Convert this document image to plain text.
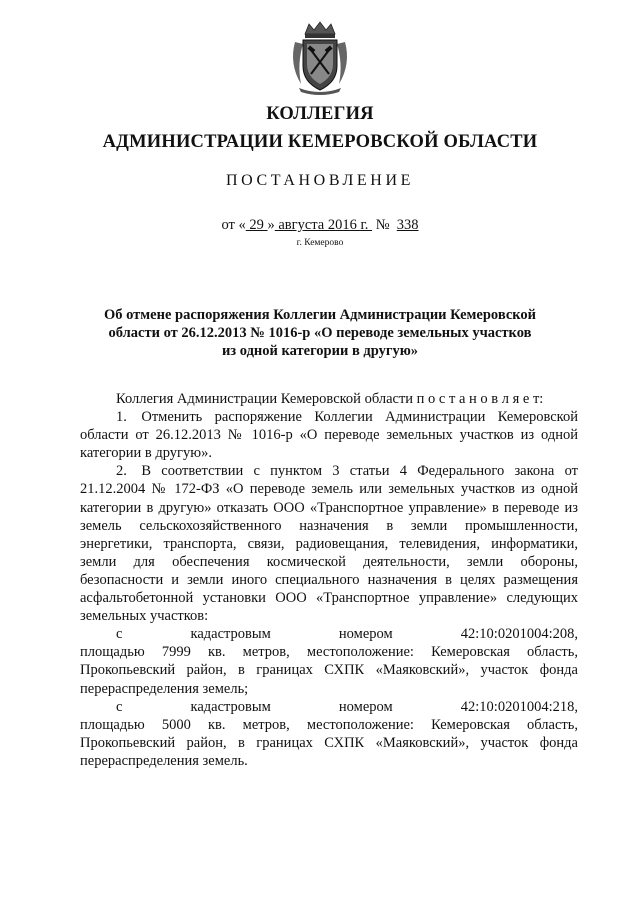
КОЛЛЕГИЯ
АДМИНИСТРАЦИИ КЕМЕРОВСКОЙ ОБЛАСТИ
ПОСТАНОВЛЕНИЕ
от « 29 » августа 2016 г.  № 338
г. Кемерово
Об отмене распоряжения Коллегии Администрации Кемеровской области от 26.12.2013 № 1016-р «О переводе земельных участков из одной категории в другую»

Коллегия Администрации Кемеровской области п о с т а н о в л я е т:

1. Отменить распоряжение Коллегии Администрации Кемеровской области от 26.12.2013 № 1016-р «О переводе земельных участков из одной категории в другую».

2. В соответствии с пунктом 3 статьи 4 Федерального закона от 21.12.2004 № 172-ФЗ «О переводе земель или земельных участков из одной категории в другую» отказать ООО «Транспортное управление» в переводе из земель сельскохозяйственного назначения в земли промышленности, энергетики, транспорта, связи, радиовещания, телевидения, информатики, земли для обеспечения космической деятельности, земли обороны, безопасности и земли иного специального назначения в целях размещения асфальтобетонной установки ООО «Транспортное управление» следующих земельных участков:

с	кадастровым	номером	42:10:0201004:208,

площадью 7999 кв. метров, местоположение: Кемеровская область, Прокопьевский район, в границах СХПК «Маяковский», участок фонда перераспределения земель;

с	кадастровым	номером	42:10:0201004:218,

площадью 5000 кв. метров, местоположение: Кемеровская область, Прокопьевский район, в границах СХПК «Маяковский», участок фонда перераспределения земель.
